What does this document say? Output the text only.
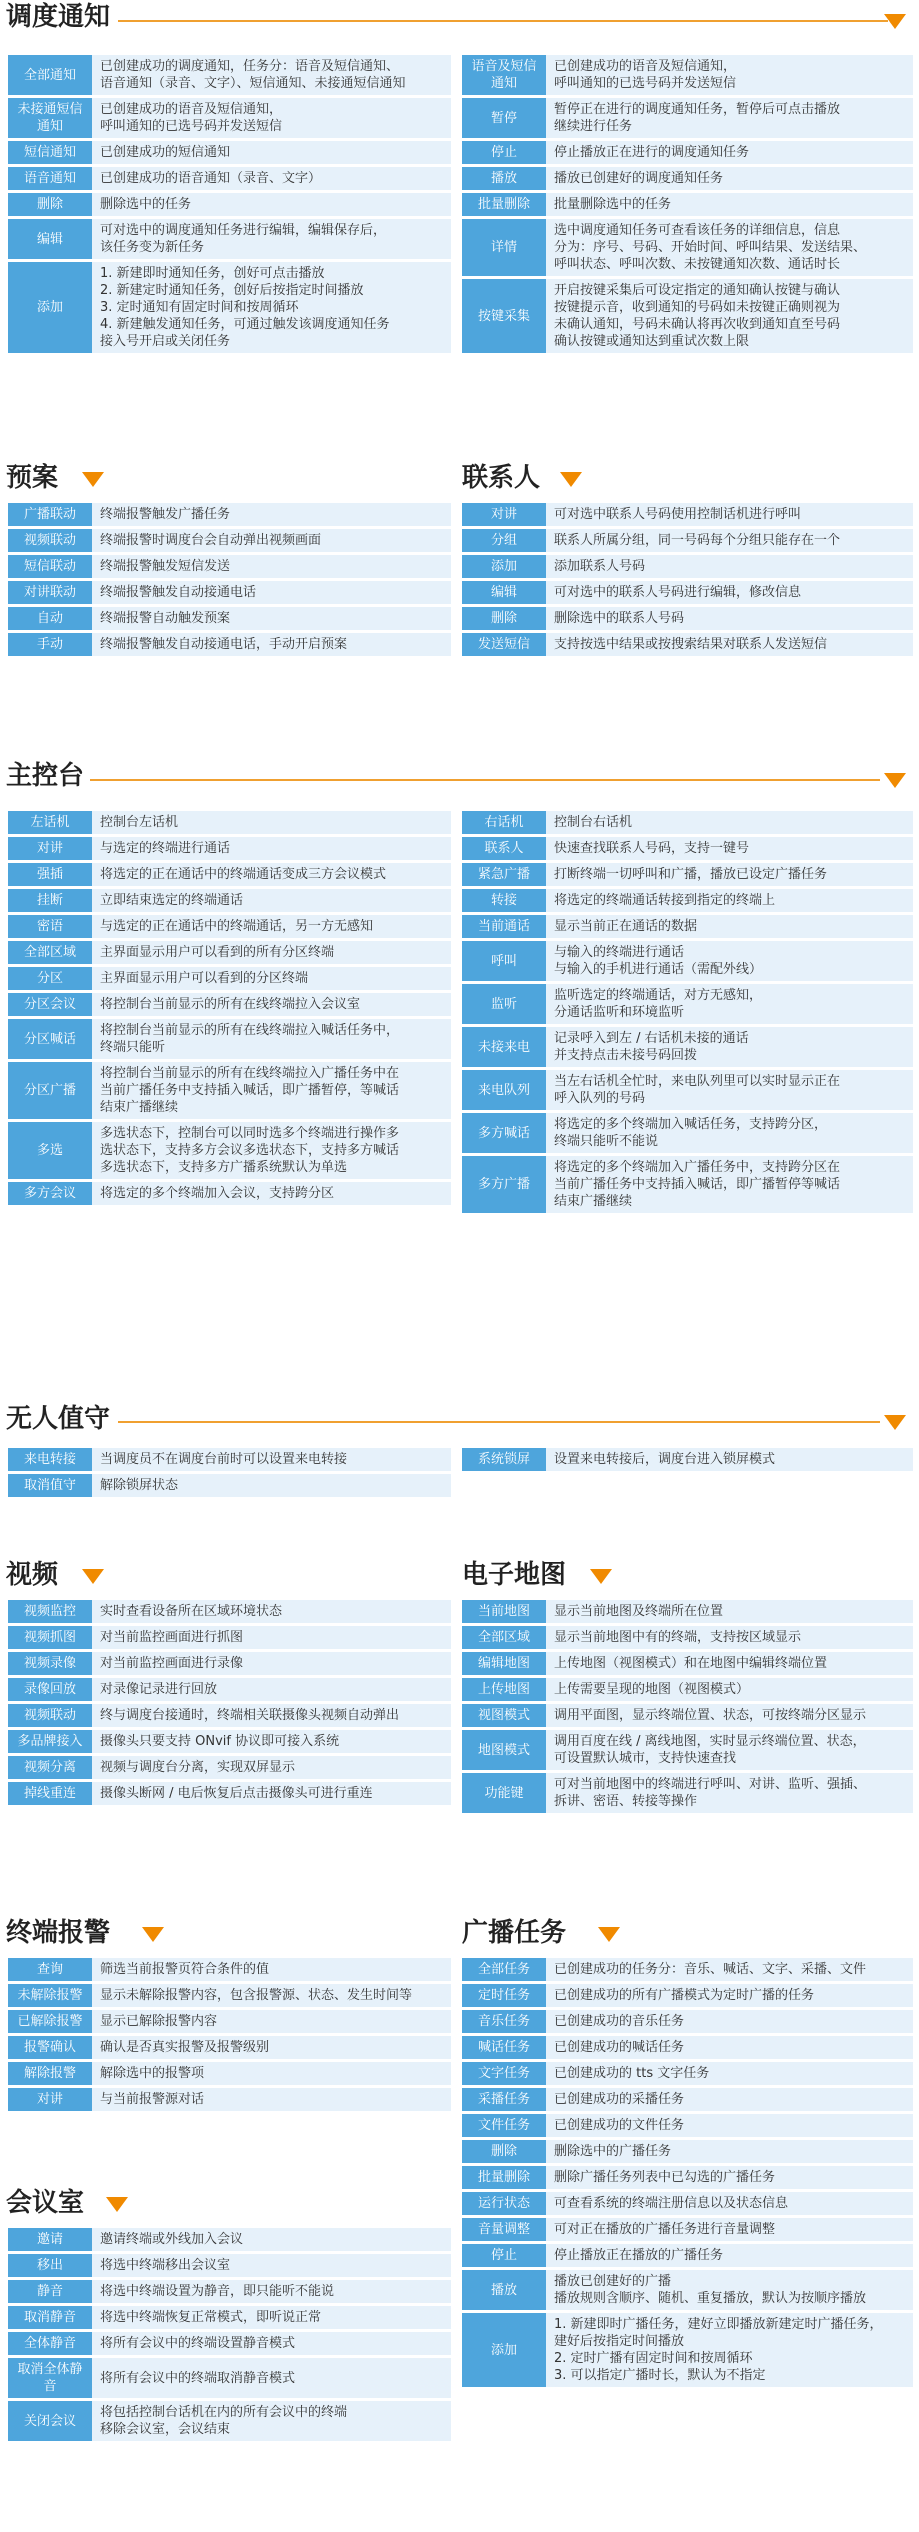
调度通知
全部通知	已创建成功的调度通知，任务分：语音及短信通知、
语音通知（录音、文字）、短信通知、未接通短信通知

未接通短信通知	已创建成功的语音及短信通知，
呼叫通知的已选号码并发送短信

短信通知	已创建成功的短信通知

语音通知	已创建成功的语音通知（录音、文字）

删除	删除选中的任务

编辑	可对选中的调度通知任务进行编辑，编辑保存后，
该任务变为新任务

添加	1. 新建即时通知任务，创好可点击播放
2. 新建定时通知任务，创好后按指定时间播放
3. 定时通知有固定时间和按周循环
4. 新建触发通知任务，可通过触发该调度通知任务
接入号开启或关闭任务
语音及短信通知	已创建成功的语音及短信通知，
呼叫通知的已选号码并发送短信

暂停	暂停正在进行的调度通知任务，暂停后可点击播放
继续进行任务

停止	停止播放正在进行的调度通知任务

播放	播放已创建好的调度通知任务

批量删除	批量删除选中的任务

详情	选中调度通知任务可查看该任务的详细信息，信息
分为：序号、号码、开始时间、呼叫结果、发送结果、
呼叫状态、呼叫次数、未按键通知次数、通话时长

按键采集	开启按键采集后可设定指定的通知确认按键与确认
按键提示音，收到通知的号码如未按键正确则视为
未确认通知，号码未确认将再次收到通知直至号码
确认按键或通知达到重试次数上限
预案
广播联动	终端报警触发广播任务

视频联动	终端报警时调度台会自动弹出视频画面

短信联动	终端报警触发短信发送

对讲联动	终端报警触发自动接通电话

自动	终端报警自动触发预案

手动	终端报警触发自动接通电话，手动开启预案
联系人
对讲	可对选中联系人号码使用控制话机进行呼叫

分组	联系人所属分组，同一号码每个分组只能存在一个

添加	添加联系人号码

编辑	可对选中的联系人号码进行编辑，修改信息

删除	删除选中的联系人号码

发送短信	支持按选中结果或按搜索结果对联系人发送短信
主控台
左话机	控制台左话机

对讲	与选定的终端进行通话

强插	将选定的正在通话中的终端通话变成三方会议模式

挂断	立即结束选定的终端通话

密语	与选定的正在通话中的终端通话，另一方无感知

全部区域	主界面显示用户可以看到的所有分区终端

分区	主界面显示用户可以看到的分区终端

分区会议	将控制台当前显示的所有在线终端拉入会议室

分区喊话	将控制台当前显示的所有在线终端拉入喊话任务中，
终端只能听

分区广播	将控制台当前显示的所有在线终端拉入广播任务中在
当前广播任务中支持插入喊话，即广播暂停，等喊话
结束广播继续

多选	多选状态下，控制台可以同时选多个终端进行操作多
选状态下，支持多方会议多选状态下，支持多方喊话
多选状态下，支持多方广播系统默认为单选

多方会议	将选定的多个终端加入会议，支持跨分区
右话机	控制台右话机

联系人	快速查找联系人号码，支持一键号

紧急广播	打断终端一切呼叫和广播，播放已设定广播任务

转接	将选定的终端通话转接到指定的终端上

当前通话	显示当前正在通话的数据

呼叫	与输入的终端进行通话
与输入的手机进行通话（需配外线）

监听	监听选定的终端通话，对方无感知，
分通话监听和环境监听

未接来电	记录呼入到左 / 右话机未接的通话
并支持点击未接号码回拨

来电队列	当左右话机全忙时，来电队列里可以实时显示正在
呼入队列的号码

多方喊话	将选定的多个终端加入喊话任务，支持跨分区，
终端只能听不能说

多方广播	将选定的多个终端加入广播任务中，支持跨分区在
当前广播任务中支持插入喊话，即广播暂停等喊话
结束广播继续
无人值守
来电转接	当调度员不在调度台前时可以设置来电转接

取消值守	解除锁屏状态
系统锁屏	设置来电转接后，调度台进入锁屏模式
视频
视频监控	实时查看设备所在区域环境状态

视频抓图	对当前监控画面进行抓图

视频录像	对当前监控画面进行录像

录像回放	对录像记录进行回放

视频联动	终与调度台接通时，终端相关联摄像头视频自动弹出

多品牌接入	摄像头只要支持 ONvif 协议即可接入系统

视频分离	视频与调度台分离，实现双屏显示

掉线重连	摄像头断网 / 电后恢复后点击摄像头可进行重连
电子地图
当前地图	显示当前地图及终端所在位置

全部区域	显示当前地图中有的终端，支持按区域显示

编辑地图	上传地图（视图模式）和在地图中编辑终端位置

上传地图	上传需要呈现的地图（视图模式）

视图模式	调用平面图，显示终端位置、状态，可按终端分区显示

地图模式	调用百度在线 / 离线地图，实时显示终端位置、状态，
可设置默认城市，支持快速查找

功能键	可对当前地图中的终端进行呼叫、对讲、监听、强插、
拆讲、密语、转接等操作
终端报警
查询	筛选当前报警页符合条件的值

未解除报警	显示未解除报警内容，包含报警源、状态、发生时间等

已解除报警	显示已解除报警内容

报警确认	确认是否真实报警及报警级别

解除报警	解除选中的报警项

对讲	与当前报警源对话
会议室
邀请	邀请终端或外线加入会议

移出	将选中终端移出会议室

静音	将选中终端设置为静音，即只能听不能说

取消静音	将选中终端恢复正常模式，即听说正常

全体静音	将所有会议中的终端设置静音模式

取消全体静音	将所有会议中的终端取消静音模式

关闭会议	将包括控制台话机在内的所有会议中的终端
移除会议室，会议结束
广播任务
全部任务	已创建成功的任务分：音乐、喊话、文字、采播、文件

定时任务	已创建成功的所有广播模式为定时广播的任务

音乐任务	已创建成功的音乐任务

喊话任务	已创建成功的喊话任务

文字任务	已创建成功的 tts 文字任务

采播任务	已创建成功的采播任务

文件任务	已创建成功的文件任务

删除	删除选中的广播任务

批量删除	删除广播任务列表中已勾选的广播任务

运行状态	可查看系统的终端注册信息以及状态信息

音量调整	可对正在播放的广播任务进行音量调整

停止	停止播放正在播放的广播任务

播放	播放已创建好的广播
播放规则含顺序、随机、重复播放，默认为按顺序播放

添加	1. 新建即时广播任务，建好立即播放新建定时广播任务，
建好后按指定时间播放
2. 定时广播有固定时间和按周循环
3. 可以指定广播时长，默认为不指定
